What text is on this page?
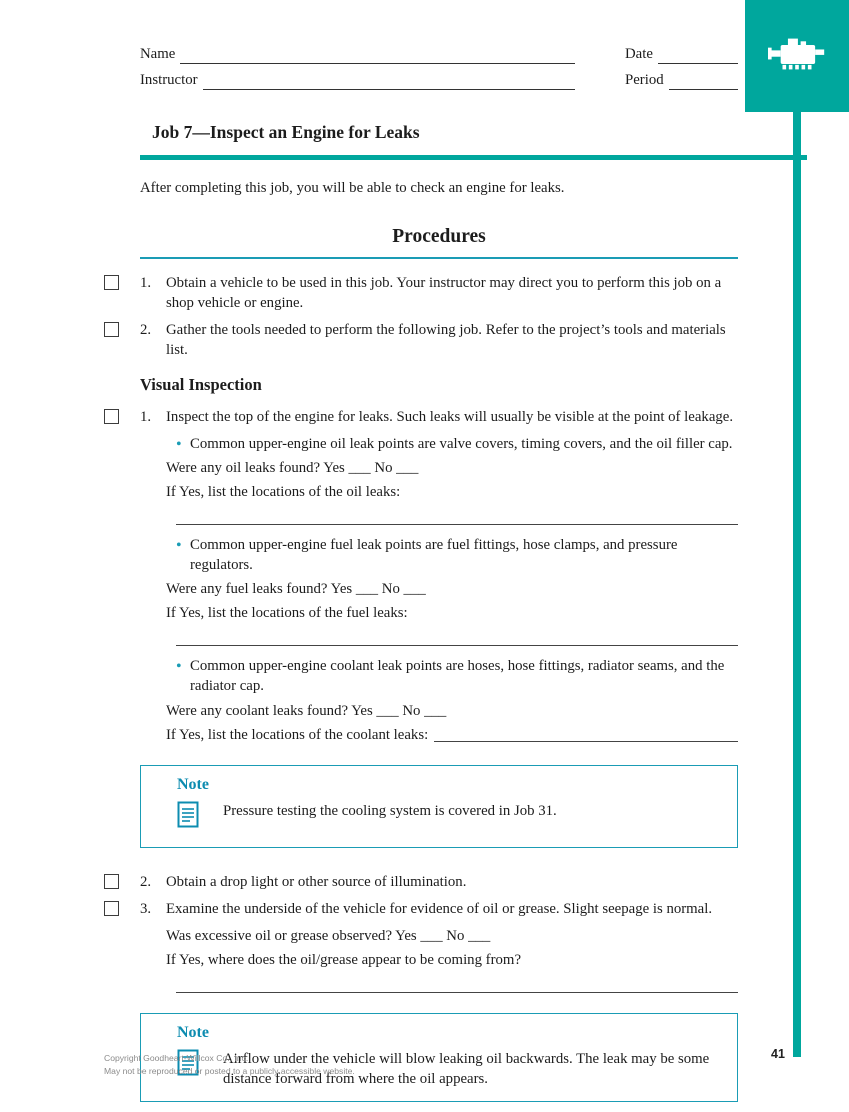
Name	Date
Instructor	Period
Job 7—Inspect an Engine for Leaks
After completing this job, you will be able to check an engine for leaks.
Procedures
1. Obtain a vehicle to be used in this job. Your instructor may direct you to perform this job on a shop vehicle or engine.
2. Gather the tools needed to perform the following job. Refer to the project’s tools and materials list.
Visual Inspection
1. Inspect the top of the engine for leaks. Such leaks will usually be visible at the point of leakage.
• Common upper-engine oil leak points are valve covers, timing covers, and the oil filler cap.
Were any oil leaks found? Yes ___ No ___
If Yes, list the locations of the oil leaks:
• Common upper-engine fuel leak points are fuel fittings, hose clamps, and pressure regulators.
Were any fuel leaks found? Yes ___ No ___
If Yes, list the locations of the fuel leaks:
• Common upper-engine coolant leak points are hoses, hose fittings, radiator seams, and the radiator cap.
Were any coolant leaks found? Yes ___ No ___
If Yes, list the locations of the coolant leaks:
Note
Pressure testing the cooling system is covered in Job 31.
2. Obtain a drop light or other source of illumination.
3. Examine the underside of the vehicle for evidence of oil or grease. Slight seepage is normal.
Was excessive oil or grease observed? Yes ___ No ___
If Yes, where does the oil/grease appear to be coming from?
Note
Airflow under the vehicle will blow leaking oil backwards. The leak may be some distance forward from where the oil appears.
Copyright Goodheart-Willcox Co., Inc.
May not be reproduced or posted to a publicly accessible website.
41
